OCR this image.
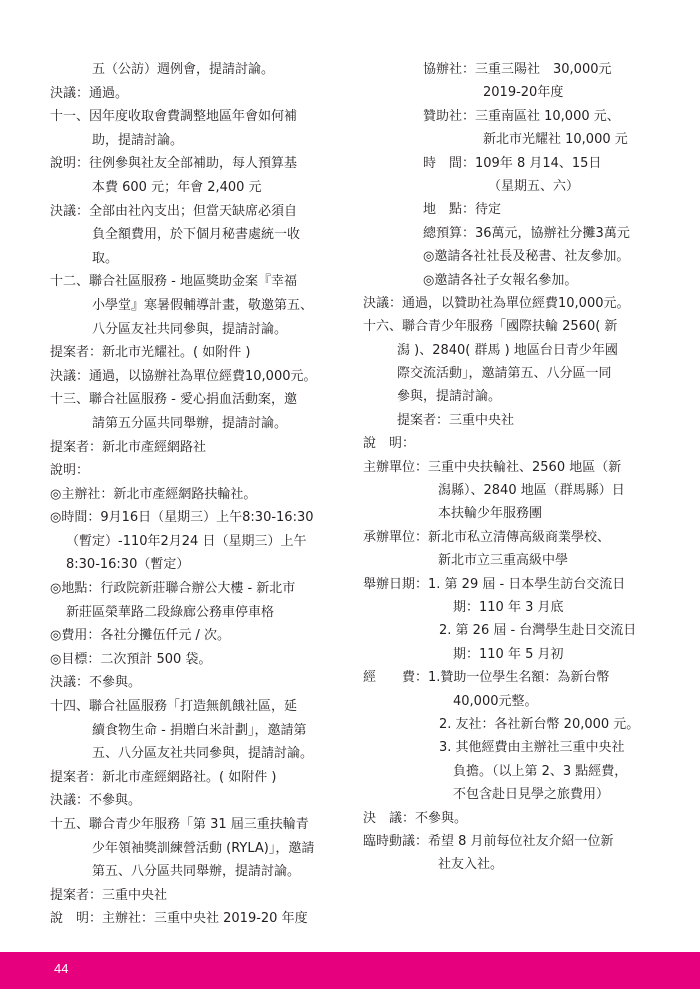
五（公訪）週例會，提請討論。
決議：通過。
十一、因年度收取會費調整地區年會如何補
助，提請討論。
說明：往例參與社友全部補助，每人預算基
本費 600 元；年會 2,400 元
決議：全部由社內支出；但當天缺席必須自
負全額費用，於下個月秘書處統一收
取。
十二、聯合社區服務 - 地區獎助金案『幸福
小學堂』寒暑假輔導計畫，敬邀第五、
八分區友社共同參與，提請討論。
提案者：新北市光耀社。( 如附件 )
決議：通過，以協辦社為單位經費10,000元。
十三、聯合社區服務 - 愛心捐血活動案，邀
請第五分區共同舉辦，提請討論。
提案者：新北市產經網路社
說明：
◎主辦社：新北市產經網路扶輪社。
◎時間：9月16日（星期三）上午8:30-16:30
（暫定）-110年2月24 日（星期三）上午
8:30-16:30（暫定）
◎地點：行政院新莊聯合辦公大樓 - 新北市
新莊區榮華路二段綠廊公務車停車格
◎費用：各社分攤伍仟元 / 次。
◎目標：二次預計 500 袋。
決議：不參與。
十四、聯合社區服務「打造無飢餓社區，延
續食物生命 - 捐贈白米計劃」，邀請第
五、八分區友社共同參與，提請討論。
提案者：新北市產經網路社。( 如附件 )
決議：不參與。
十五、聯合青少年服務「第 31 屆三重扶輪青
少年領袖獎訓練營活動 (RYLA)」，邀請
第五、八分區共同舉辦，提請討論。
提案者：三重中央社
說　明：主辦社：三重中央社 2019-20 年度
協辦社：三重三陽社　30,000元
2019-20年度
贊助社：三重南區社 10,000 元、
新北市光耀社 10,000 元
時　間：109年 8 月14、15日
（星期五、六）
地　點：待定
總預算：36萬元，協辦社分攤3萬元
◎邀請各社社長及秘書、社友參加。
◎邀請各社子女報名參加。
決議：通過，以贊助社為單位經費10,000元。
十六、聯合青少年服務「國際扶輪 2560( 新
潟 )、2840( 群馬 ) 地區台日青少年國
際交流活動」，邀請第五、八分區一同
參與，提請討論。
提案者：三重中央社
說　明：
主辦單位：三重中央扶輪社、2560 地區（新
潟縣）、2840 地區（群馬縣）日
本扶輪少年服務團
承辦單位：新北市私立清傳高級商業學校、
新北市立三重高級中學
舉辦日期：1. 第 29 屆 - 日本學生訪台交流日
期：110 年 3 月底
2. 第 26 屆 - 台灣學生赴日交流日
期：110 年 5 月初
經　　費：1.贊助一位學生名額：為新台幣
40,000元整。
2. 友社：各社新台幣 20,000 元。
3. 其他經費由主辦社三重中央社
負擔。（以上第 2、3 點經費，
不包含赴日見學之旅費用）
決　議：不參與。
臨時動議：希望 8 月前每位社友介紹一位新
社友入社。
44
